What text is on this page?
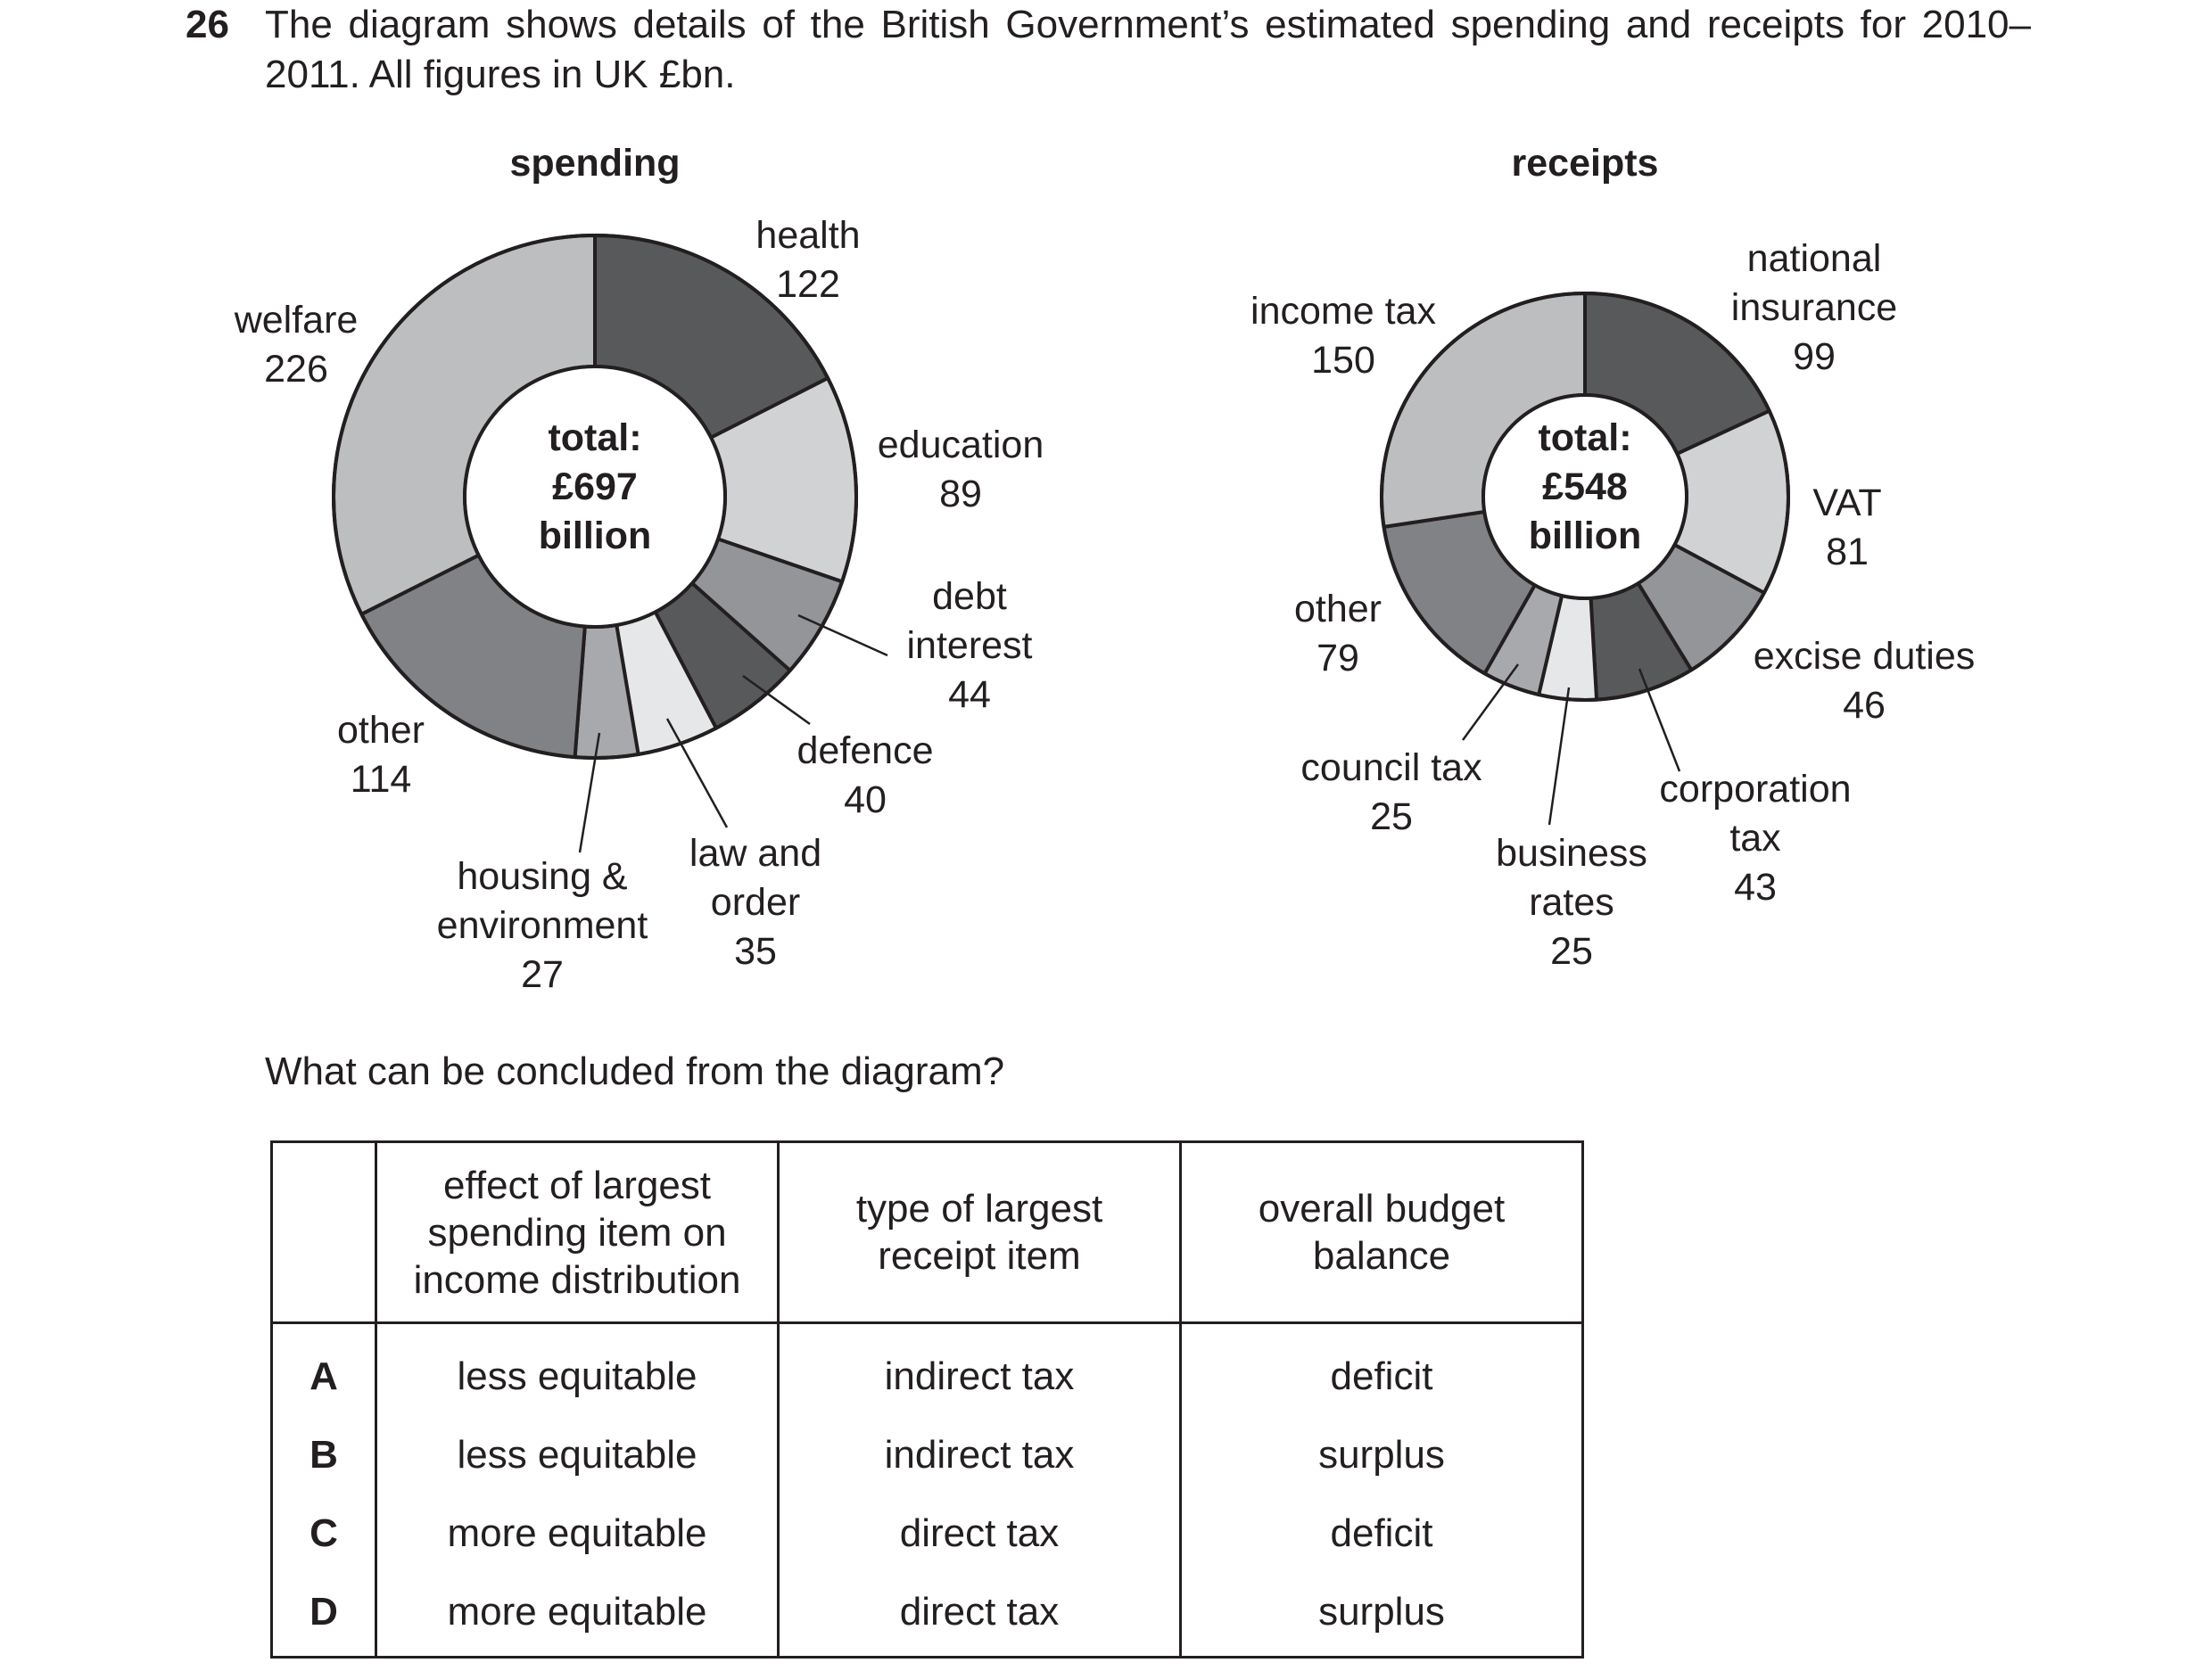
26 The diagram shows details of the British Government’s estimated spending and receipts for 2010–2011. All figures in UK £bn.
spending
total:
£697
billion
health 122
education 89
debt interest 44
defence 40
law and order 35
housing & environment 27
other 114
welfare 226
receipts
total:
£548
billion
national insurance 99
VAT 81
excise duties 46
corporation tax 43
business rates 25
council tax 25
other 79
income tax 150
What can be concluded from the diagram?

	effect of largest spending item on income distribution	type of largest receipt item	overall budget balance

A	less equitable	indirect tax	deficit
B	less equitable	indirect tax	surplus
C	more equitable	direct tax	deficit
D	more equitable	direct tax	surplus
